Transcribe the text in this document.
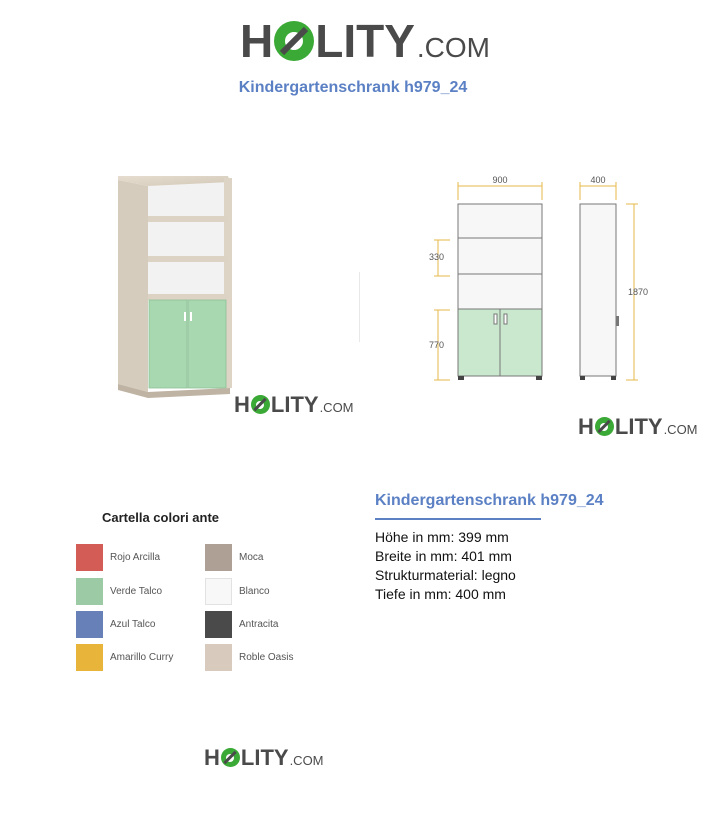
H LITY .COM
Kindergartenschrank h979_24
H LITY .COM
900	400
330
770
1870
H LITY .COM
Cartella colori ante
Rojo Arcilla
Verde Talco
Azul Talco
Amarillo Curry
Moca
Blanco
Antracita
Roble Oasis
H LITY .COM
Kindergartenschrank h979_24
Höhe in mm: 399 mm
Breite in mm: 401 mm
Strukturmaterial: legno
Tiefe in mm: 400 mm
